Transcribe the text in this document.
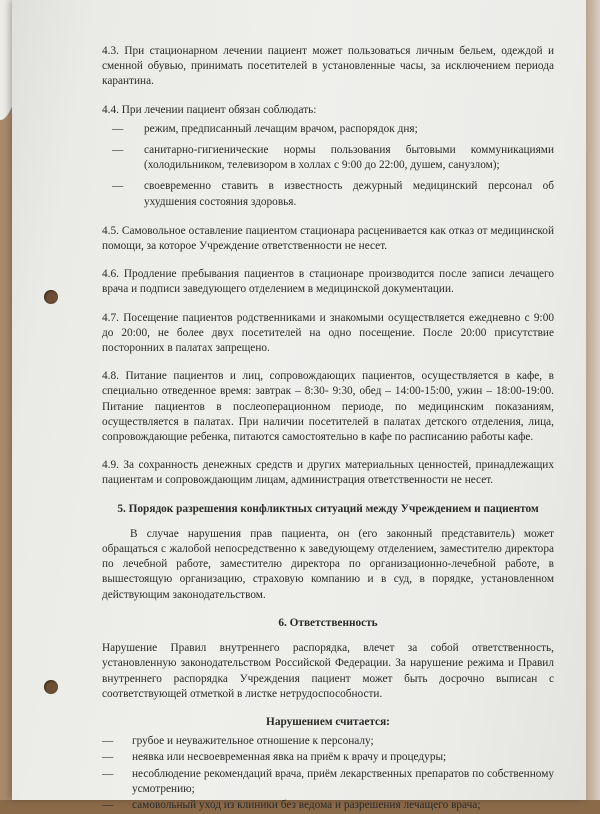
4.3. При стационарном лечении пациент может пользоваться личным бельем, одеждой и сменной обувью, принимать посетителей в установленные часы, за исключением периода карантина.

4.4. При лечении пациент обязан соблюдать:

— режим, предписанный лечащим врачом, распорядок дня;

— санитарно-гигиенические нормы пользования бытовыми коммуникациями (холодильником, телевизором в холлах с 9:00 до 22:00, душем, санузлом);

— своевременно ставить в известность дежурный медицинский персонал об ухудшения состояния здоровья.

4.5. Самовольное оставление пациентом стационара расценивается как отказ от медицинской помощи, за которое Учреждение ответственности не несет.

4.6. Продление пребывания пациентов в стационаре производится после записи лечащего врача и подписи заведующего отделением в медицинской документации.

4.7. Посещение пациентов родственниками и знакомыми осуществляется ежедневно с 9:00 до 20:00, не более двух посетителей на одно посещение. После 20:00 присутствие посторонних в палатах запрещено.

4.8. Питание пациентов и лиц, сопровождающих пациентов, осуществляется в кафе, в специально отведенное время: завтрак – 8:30- 9:30, обед – 14:00-15:00, ужин – 18:00-19:00. Питание пациентов в послеоперационном периоде, по медицинским показаниям, осуществляется в палатах. При наличии посетителей в палатах детского отделения, лица, сопровождающие ребенка, питаются самостоятельно в кафе по расписанию работы кафе.

4.9. За сохранность денежных средств и других материальных ценностей, принадлежащих пациентам и сопровождающим лицам, администрация ответственности не несет.

5. Порядок разрешения конфликтных ситуаций между Учреждением и пациентом

В случае нарушения прав пациента, он (его законный представитель) может обращаться с жалобой непосредственно к заведующему отделением, заместителю директора по лечебной работе, заместителю директора по организационно-лечебной работе, в вышестоящую организацию, страховую компанию и в суд, в порядке, установленном действующим законодательством.

6. Ответственность

Нарушение Правил внутреннего распорядка, влечет за собой ответственность, установленную законодательством Российской Федерации. За нарушение режима и Правил внутреннего распорядка Учреждения пациент может быть досрочно выписан с соответствующей отметкой в листке нетрудоспособности.

Нарушением считается:

— грубое и неуважительное отношение к персоналу;

— неявка или несвоевременная явка на приём к врачу и процедуры;

— несоблюдение рекомендаций врача, приём лекарственных препаратов по собственному усмотрению;

— самовольный уход из клиники без ведома и разрешения лечащего врача;
